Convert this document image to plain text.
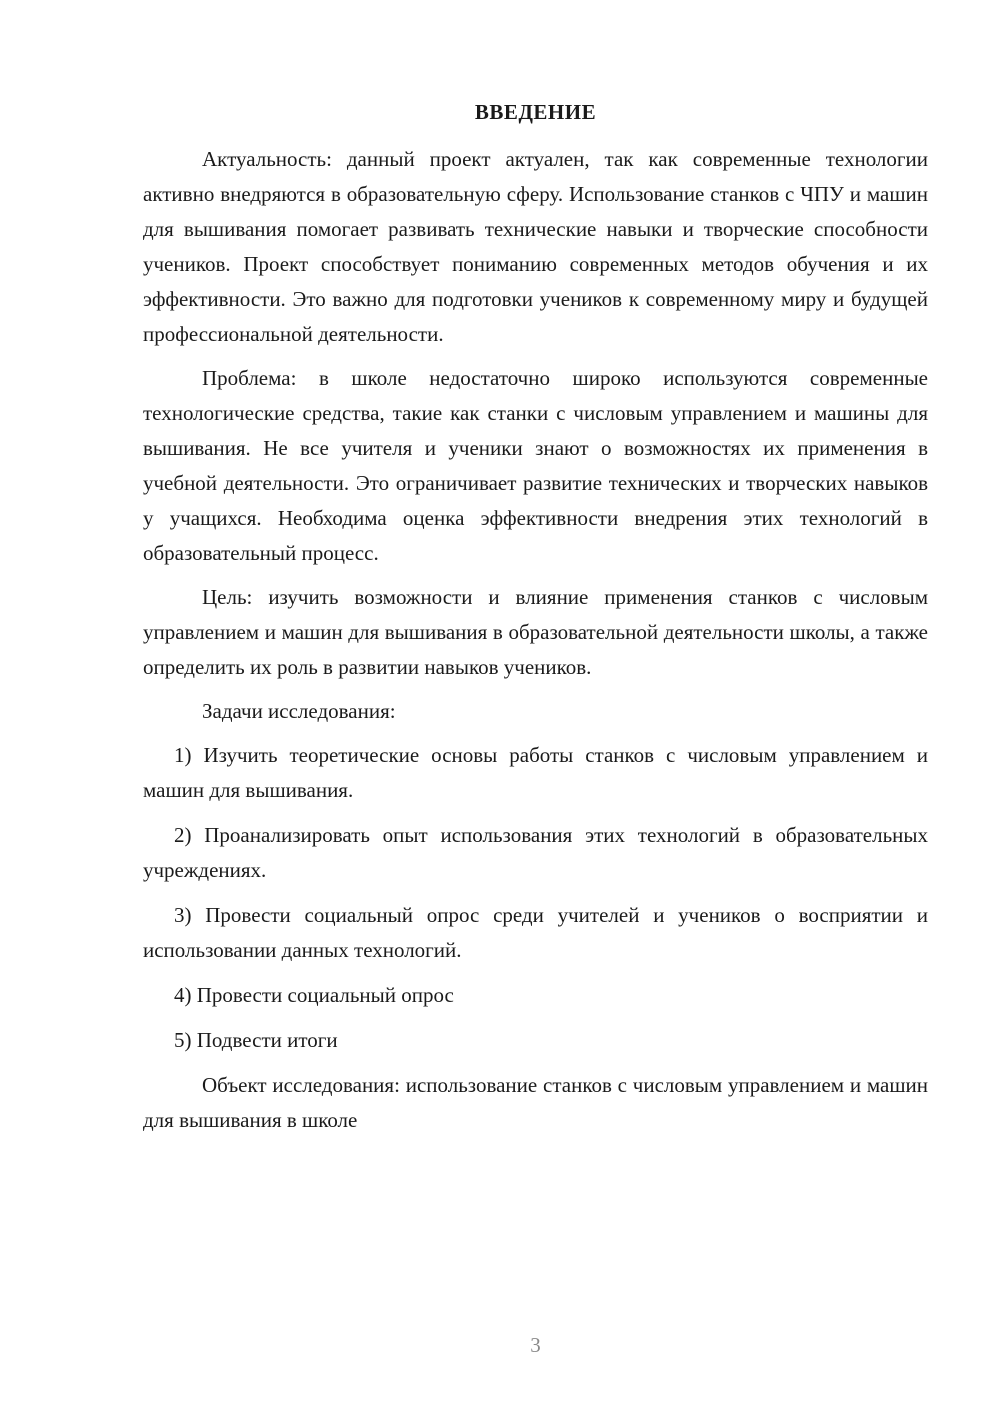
ВВЕДЕНИЕ

Актуальность: данный проект актуален, так как современные технологии активно внедряются в образовательную сферу. Использование станков с ЧПУ и машин для вышивания помогает развивать технические навыки и творческие способности учеников. Проект способствует пониманию современных методов обучения и их эффективности. Это важно для подготовки учеников к современному миру и будущей профессиональной деятельности.

Проблема: в школе недостаточно широко используются современные технологические средства, такие как станки с числовым управлением и машины для вышивания. Не все учителя и ученики знают о возможностях их применения в учебной деятельности. Это ограничивает развитие технических и творческих навыков у учащихся. Необходима оценка эффективности внедрения этих технологий в образовательный процесс.

Цель: изучить возможности и влияние применения станков с числовым управлением и машин для вышивания в образовательной деятельности школы, а также определить их роль в развитии навыков учеников.

Задачи исследования:

1) Изучить теоретические основы работы станков с числовым управлением и машин для вышивания.

2) Проанализировать опыт использования этих технологий в образовательных учреждениях.

3) Провести социальный опрос среди учителей и учеников о восприятии и использовании данных технологий.

4) Провести социальный опрос

5) Подвести итоги

Объект исследования: использование станков с числовым управлением и машин для вышивания в школе

3
